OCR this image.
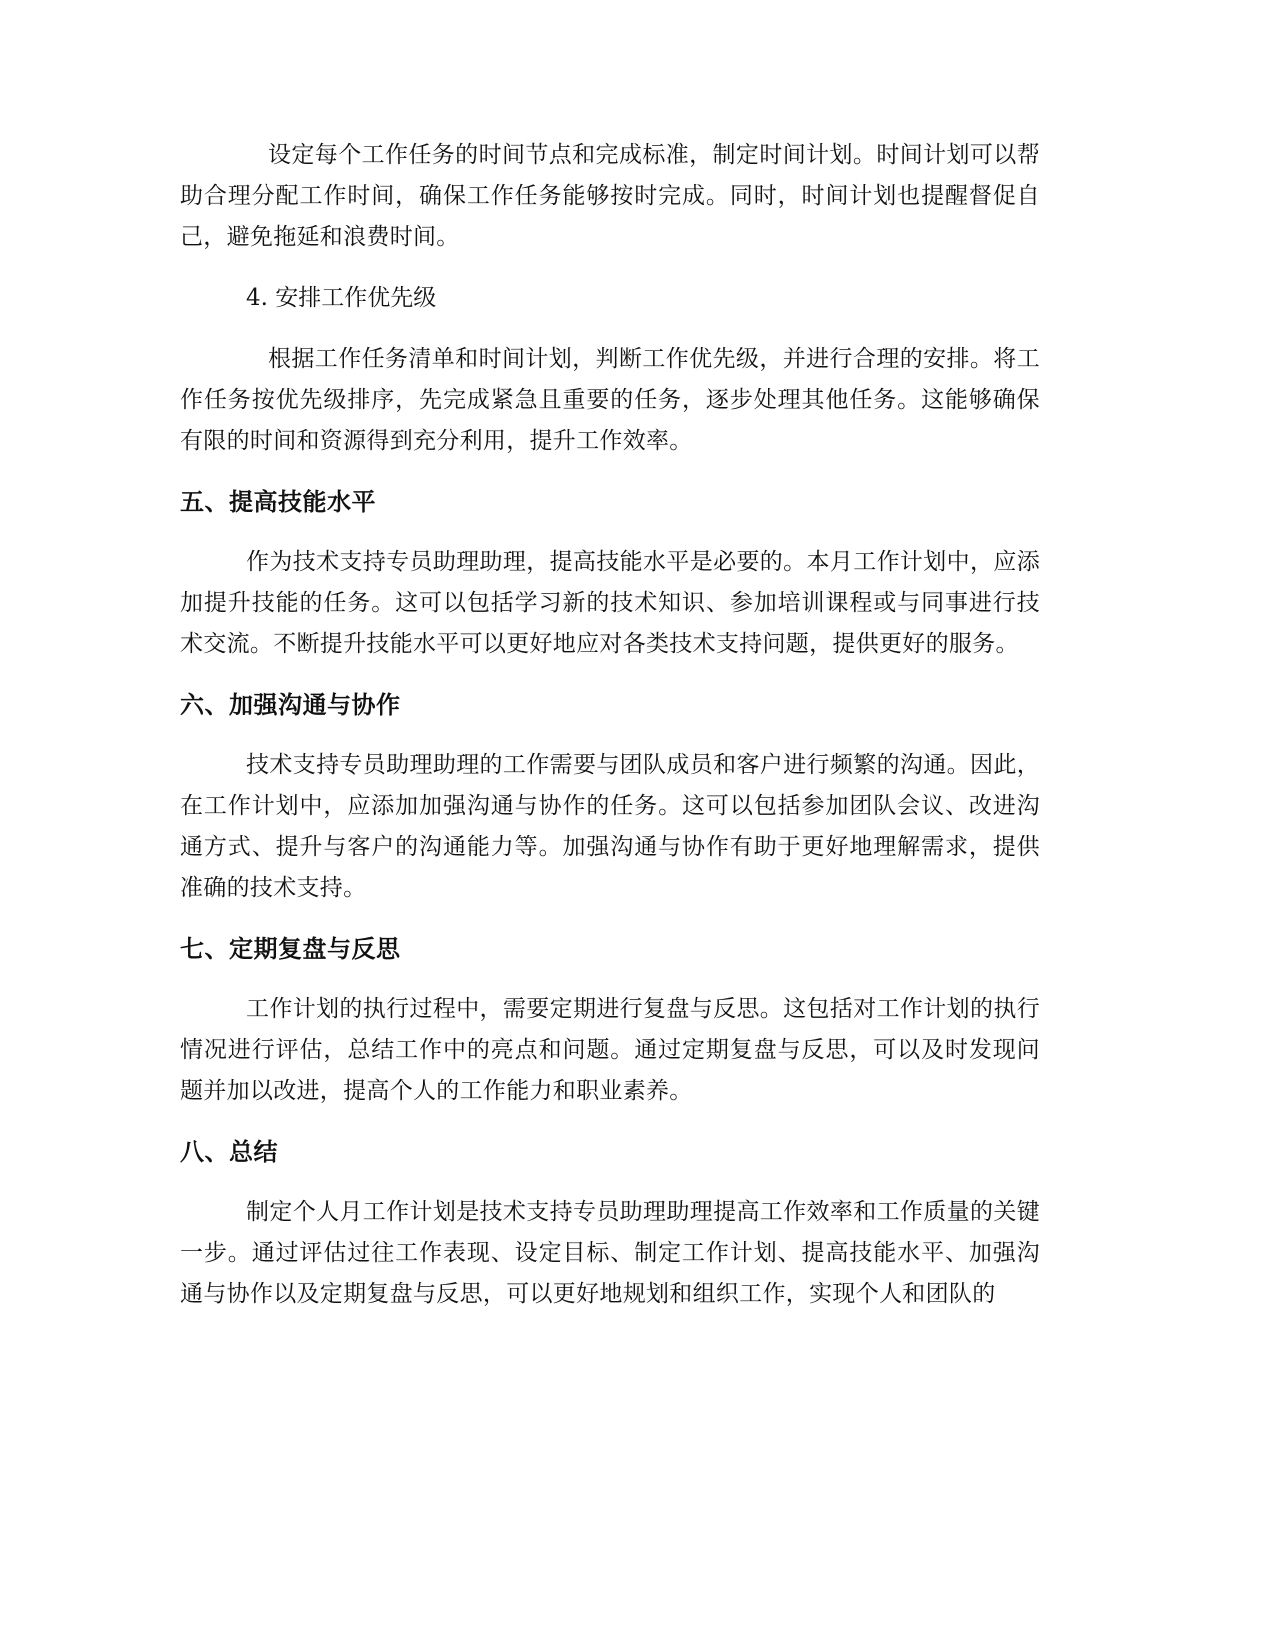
设定每个工作任务的时间节点和完成标准，制定时间计划。时间计划可以帮助合理分配工作时间，确保工作任务能够按时完成。同时，时间计划也提醒督促自己，避免拖延和浪费时间。

4. 安排工作优先级

根据工作任务清单和时间计划，判断工作优先级，并进行合理的安排。将工作任务按优先级排序，先完成紧急且重要的任务，逐步处理其他任务。这能够确保有限的时间和资源得到充分利用，提升工作效率。

五、提高技能水平

作为技术支持专员助理助理，提高技能水平是必要的。本月工作计划中，应添加提升技能的任务。这可以包括学习新的技术知识、参加培训课程或与同事进行技术交流。不断提升技能水平可以更好地应对各类技术支持问题，提供更好的服务。

六、加强沟通与协作

技术支持专员助理助理的工作需要与团队成员和客户进行频繁的沟通。因此，在工作计划中，应添加加强沟通与协作的任务。这可以包括参加团队会议、改进沟通方式、提升与客户的沟通能力等。加强沟通与协作有助于更好地理解需求，提供准确的技术支持。

七、定期复盘与反思

工作计划的执行过程中，需要定期进行复盘与反思。这包括对工作计划的执行情况进行评估，总结工作中的亮点和问题。通过定期复盘与反思，可以及时发现问题并加以改进，提高个人的工作能力和职业素养。

八、总结

制定个人月工作计划是技术支持专员助理助理提高工作效率和工作质量的关键一步。通过评估过往工作表现、设定目标、制定工作计划、提高技能水平、加强沟通与协作以及定期复盘与反思，可以更好地规划和组织工作，实现个人和团队的
